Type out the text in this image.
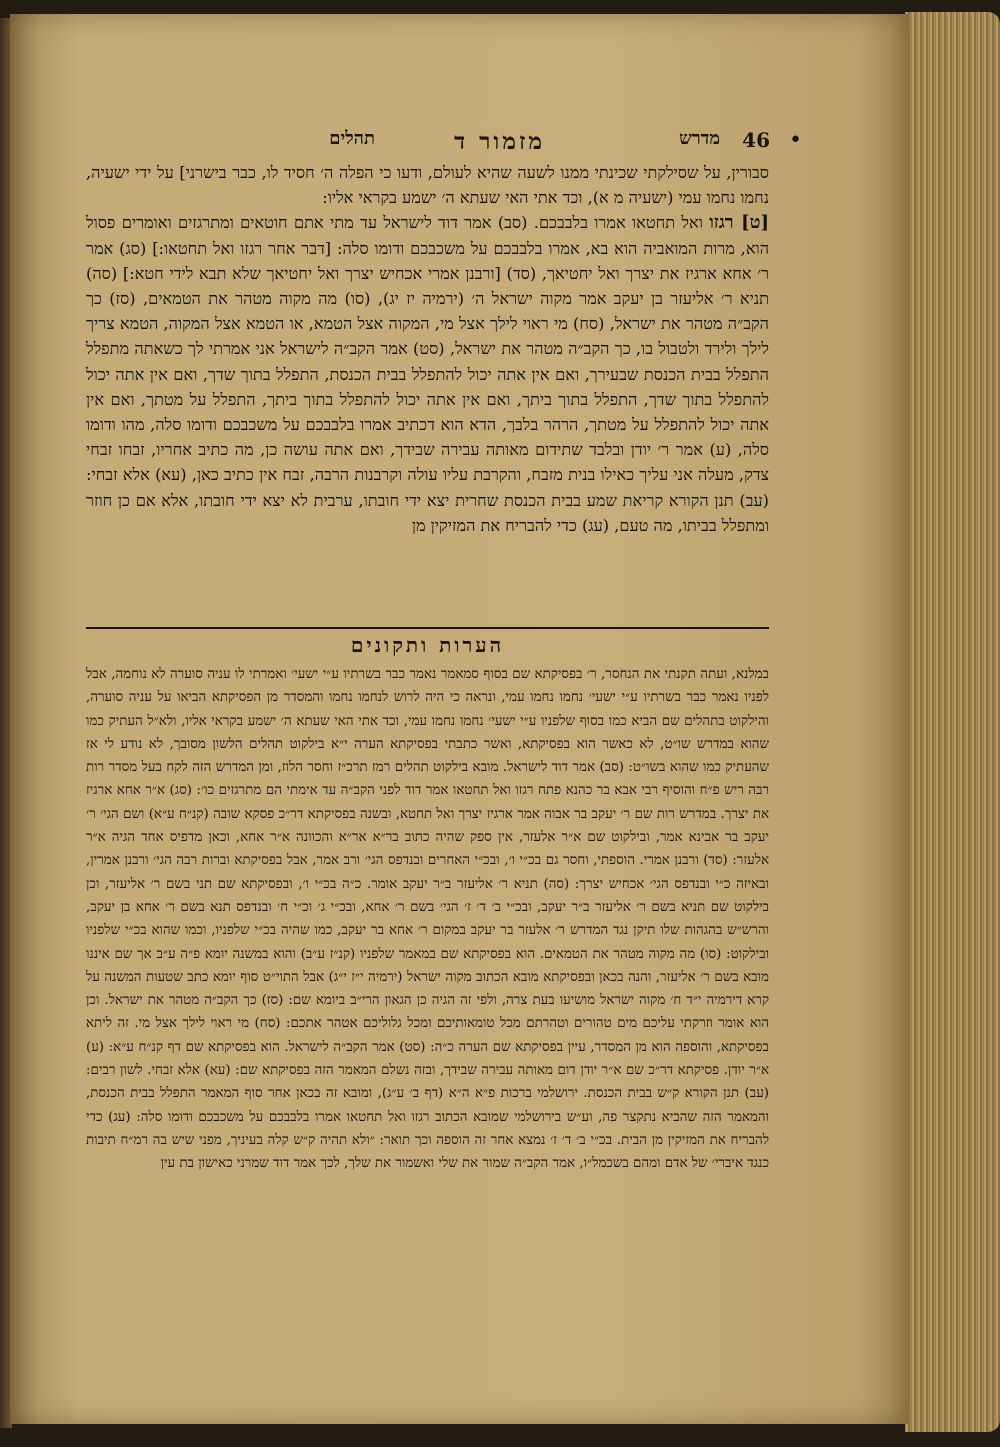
•
46
מדרש
מזמור ד
תהלים

סבורין, על שסילקתי שכינתי ממנו לשעה שהיא לעולם, ודעו כי הפלה ה׳ חסיד לו, כבר בישרני] על ידי ישעיה, נחמו נחמו עמי (ישעיה מ א), וכד אתי האי שעתא ה׳ ישמע בקראי אליו:

[ט] רגזו ואל תחטאו אמרו בלבבכם. (סב) אמר דוד לישראל עד מתי אתם חוטאים ומתרגזים ואומרים פסול הוא, מרות המואביה הוא בא, אמרו בלבבכם על משכבכם ודומו סלה: [דבר אחר רגזו ואל תחטאו:] (סג) אמר ר׳ אחא ארגיז את יצרך ואל יחטיאך, (סד) [ורבנן אמרי אכחיש יצרך ואל יחטיאך שלא תבא לידי חטא:] (סה) תניא ר׳ אליעזר בן יעקב אמר מקוה ישראל ה׳ (ירמיה יז יג), (סו) מה מקוה מטהר את הטמאים, (סז) כך הקב״ה מטהר את ישראל, (סח) מי ראוי לילך אצל מי, המקוה אצל הטמא, או הטמא אצל המקוה, הטמא צריך לילך ולירד ולטבול בו, כך הקב״ה מטהר את ישראל, (סט) אמר הקב״ה לישראל אני אמרתי לך כשאתה מתפלל התפלל בבית הכנסת שבעירך, ואם אין אתה יכול להתפלל בבית הכנסת, התפלל בתוך שדך, ואם אין אתה יכול להתפלל בתוך שדך, התפלל בתוך ביתך, ואם אין אתה יכול להתפלל בתוך ביתך, התפלל על מטתך, ואם אין אתה יכול להתפלל על מטתך, הרהר בלבך, הדא הוא דכתיב אמרו בלבבכם על משכבכם ודומו סלה, מהו ודומו סלה, (ע) אמר ר׳ יודן ובלבד שתידום מאותה עבירה שבידך, ואם אתה עושה כן, מה כתיב אחריו, זבחו זבחי צדק, מעלה אני עליך כאילו בנית מזבח, והקרבת עליו עולה וקרבנות הרבה, זבח אין כתיב כאן, (עא) אלא זבחי: (עב) תנן הקורא קריאת שמע בבית הכנסת שחרית יצא ידי חובתו, ערבית לא יצא ידי חובתו, אלא אם כן חוזר ומתפלל בביתו, מה טעם, (עג) כדי להבריח את המזיקין מן

הערות ותקונים

במלנא, ועתה תקנתי את הנחסר, ר׳ בפסיקתא שם בסוף סמאמר נאמר כבר בשרתיו ע״י ישעי׳ ואמרתי לו עניה סוערה לא נוחמה, אבל לפניו נאמר כבר בשרתיו ע״י ישעי׳ נחמו נחמו עמי, ונראה כי היה לרוש לנחמו נחמו והמסדר מן הפסיקתא הביאו על עניה סוערה, והילקוט בתהלים שם הביא כמו בסוף שלפניו ע״י ישעי׳ נחמו נחמו עמי, וכד אתי האי שעתא ה׳ ישמע בקראי אליו, ולא״ל העתיק כמו שהוא במדרש שו״ט, לא כאשר הוא בפסיקתא, ואשר כתבתי בפסיקתא הערה י״א בילקוט תהלים הלשון מסובך, לא נודע לי אז שהעתיק כמו שהוא בשו״ט: (סב) אמר דוד לישראל. מובא בילקוט תהלים רמז תרכ״ז וחסר הלוז, ומן המדרש הזה לקח בעל מסדר רות רבה ריש פ״ח והוסיף רבי אבא בר כהנא פתח רגזו ואל תחטאו אמר דוד לפני הקב״ה עד אימתי הם מתרגזים כו׳: (סג) א״ר אחא ארגיז את יצרך. במדרש רות שם ר׳ יעקב בר אבוה אמר ארגיז יצרך ואל תחטא, ובשנה בפסיקתא דר״כ פסקא שובה (קנ״ח ע״א) ושם הגי׳ ר׳ יעקב בר אבינא אמר, ובילקוט שם א״ר אלעזר, אין ספק שהיה כתוב בר״א אר״א והכוונה א״ר אחא, וכאן מדפיס אחד הגיה א״ר אלעזר: (סד) ורבנן אמרי. הוספתי, וחסר גם בכ״י ו׳, ובכ״י האחרים ובנדפס הגי׳ ורב אמר, אבל בפסיקתא וברות רבה הגי׳ ורבנן אמרין, ובאיזה כ״י ובנדפס הגי׳ אכחיש יצרך: (סה) תניא ר׳ אליעזר ב״ר יעקב אומר. כ״ה בכ״י ו׳, ובפסיקתא שם תני בשם ר׳ אליעזר, וכן בילקוט שם תניא בשם ר׳ אליעזר ב״ר יעקב, ובכ״י ב׳ ד׳ ז׳ הגי׳ בשם ר׳ אחא, ובכ״י ג׳ וכ״י ח׳ ובנדפס תנא בשם ר׳ אחא בן יעקב, והרש״ש בהגהות שלו תיקן נגד המדרש ר׳ אלעזר בר יעקב במקום ר׳ אחא בר יעקב, כמו שהיה בכ״י שלפניו, וכמו שהוא בכ״י שלפניו ובילקוט: (סו) מה מקוה מטהר את הטמאים. הוא בפסיקתא שם במאמר שלפניו (קנ״ז ע״ב) והוא במשנה יומא פ״ה ע״ב אך שם איננו מובא בשם ר׳ אליעזר, והנה בכאן ובפסיקתא מובא הכתוב מקוה ישראל (ירמיה י״ז י״ג) אבל התוי״ט סוף יומא כתב שטעות המשנה על קרא דירמיה י״ד ח׳ מקוה ישראל מושיעו בעת צרה, ולפי זה הגיה כן הגאון הרי״ב ביומא שם: (סז) כך הקב״ה מטהר את ישראל. וכן הוא אומר וזרקתי עליכם מים טהורים וטהרתם מכל טומאותיכם ומכל גלוליכם אטהר אתכם: (סח) מי ראוי לילך אצל מי. זה ליתא בפסיקתא, והוספה הוא מן המסדר, עיין בפסיקתא שם הערה כ״ה: (סט) אמר הקב״ה לישראל. הוא בפסיקתא שם דף קנ״ח ע״א: (ע) א״ר יודן. פסיקתא דר״כ שם א״ר יודן דום מאותה עבירה שבידך, ובזה נשלם המאמר הזה בפסיקתא שם: (עא) אלא זבחי. לשון רבים: (עב) תנן הקורא ק״ש בבית הכנסת. ירושלמי ברכות פ״א ה״א (דף ב׳ ע״ג), ומובא זה בכאן אחר סוף המאמר התפלל בבית הכנסת, והמאמר הזה שהביא נתקצר פה, וע״ש בירושלמי שמובא הכתוב רגזו ואל תחטאו אמרו בלבבכם על משכבכם ודומו סלה: (עג) כדי להבריח את המזיקין מן הבית. בכ״י ב׳ ד׳ ז׳ נמצא אחר זה הוספה וכך תואר: ״ולא תהיה ק״ש קלה בעיניך, מפני שיש בה רמ״ח תיבות כנגד איברי׳ של אדם ומהם בשכמל״ו, אמר הקב״ה שמור את שלי ואשמור את שלך, לכך אמר דוד שמרני כאישון בת עין
